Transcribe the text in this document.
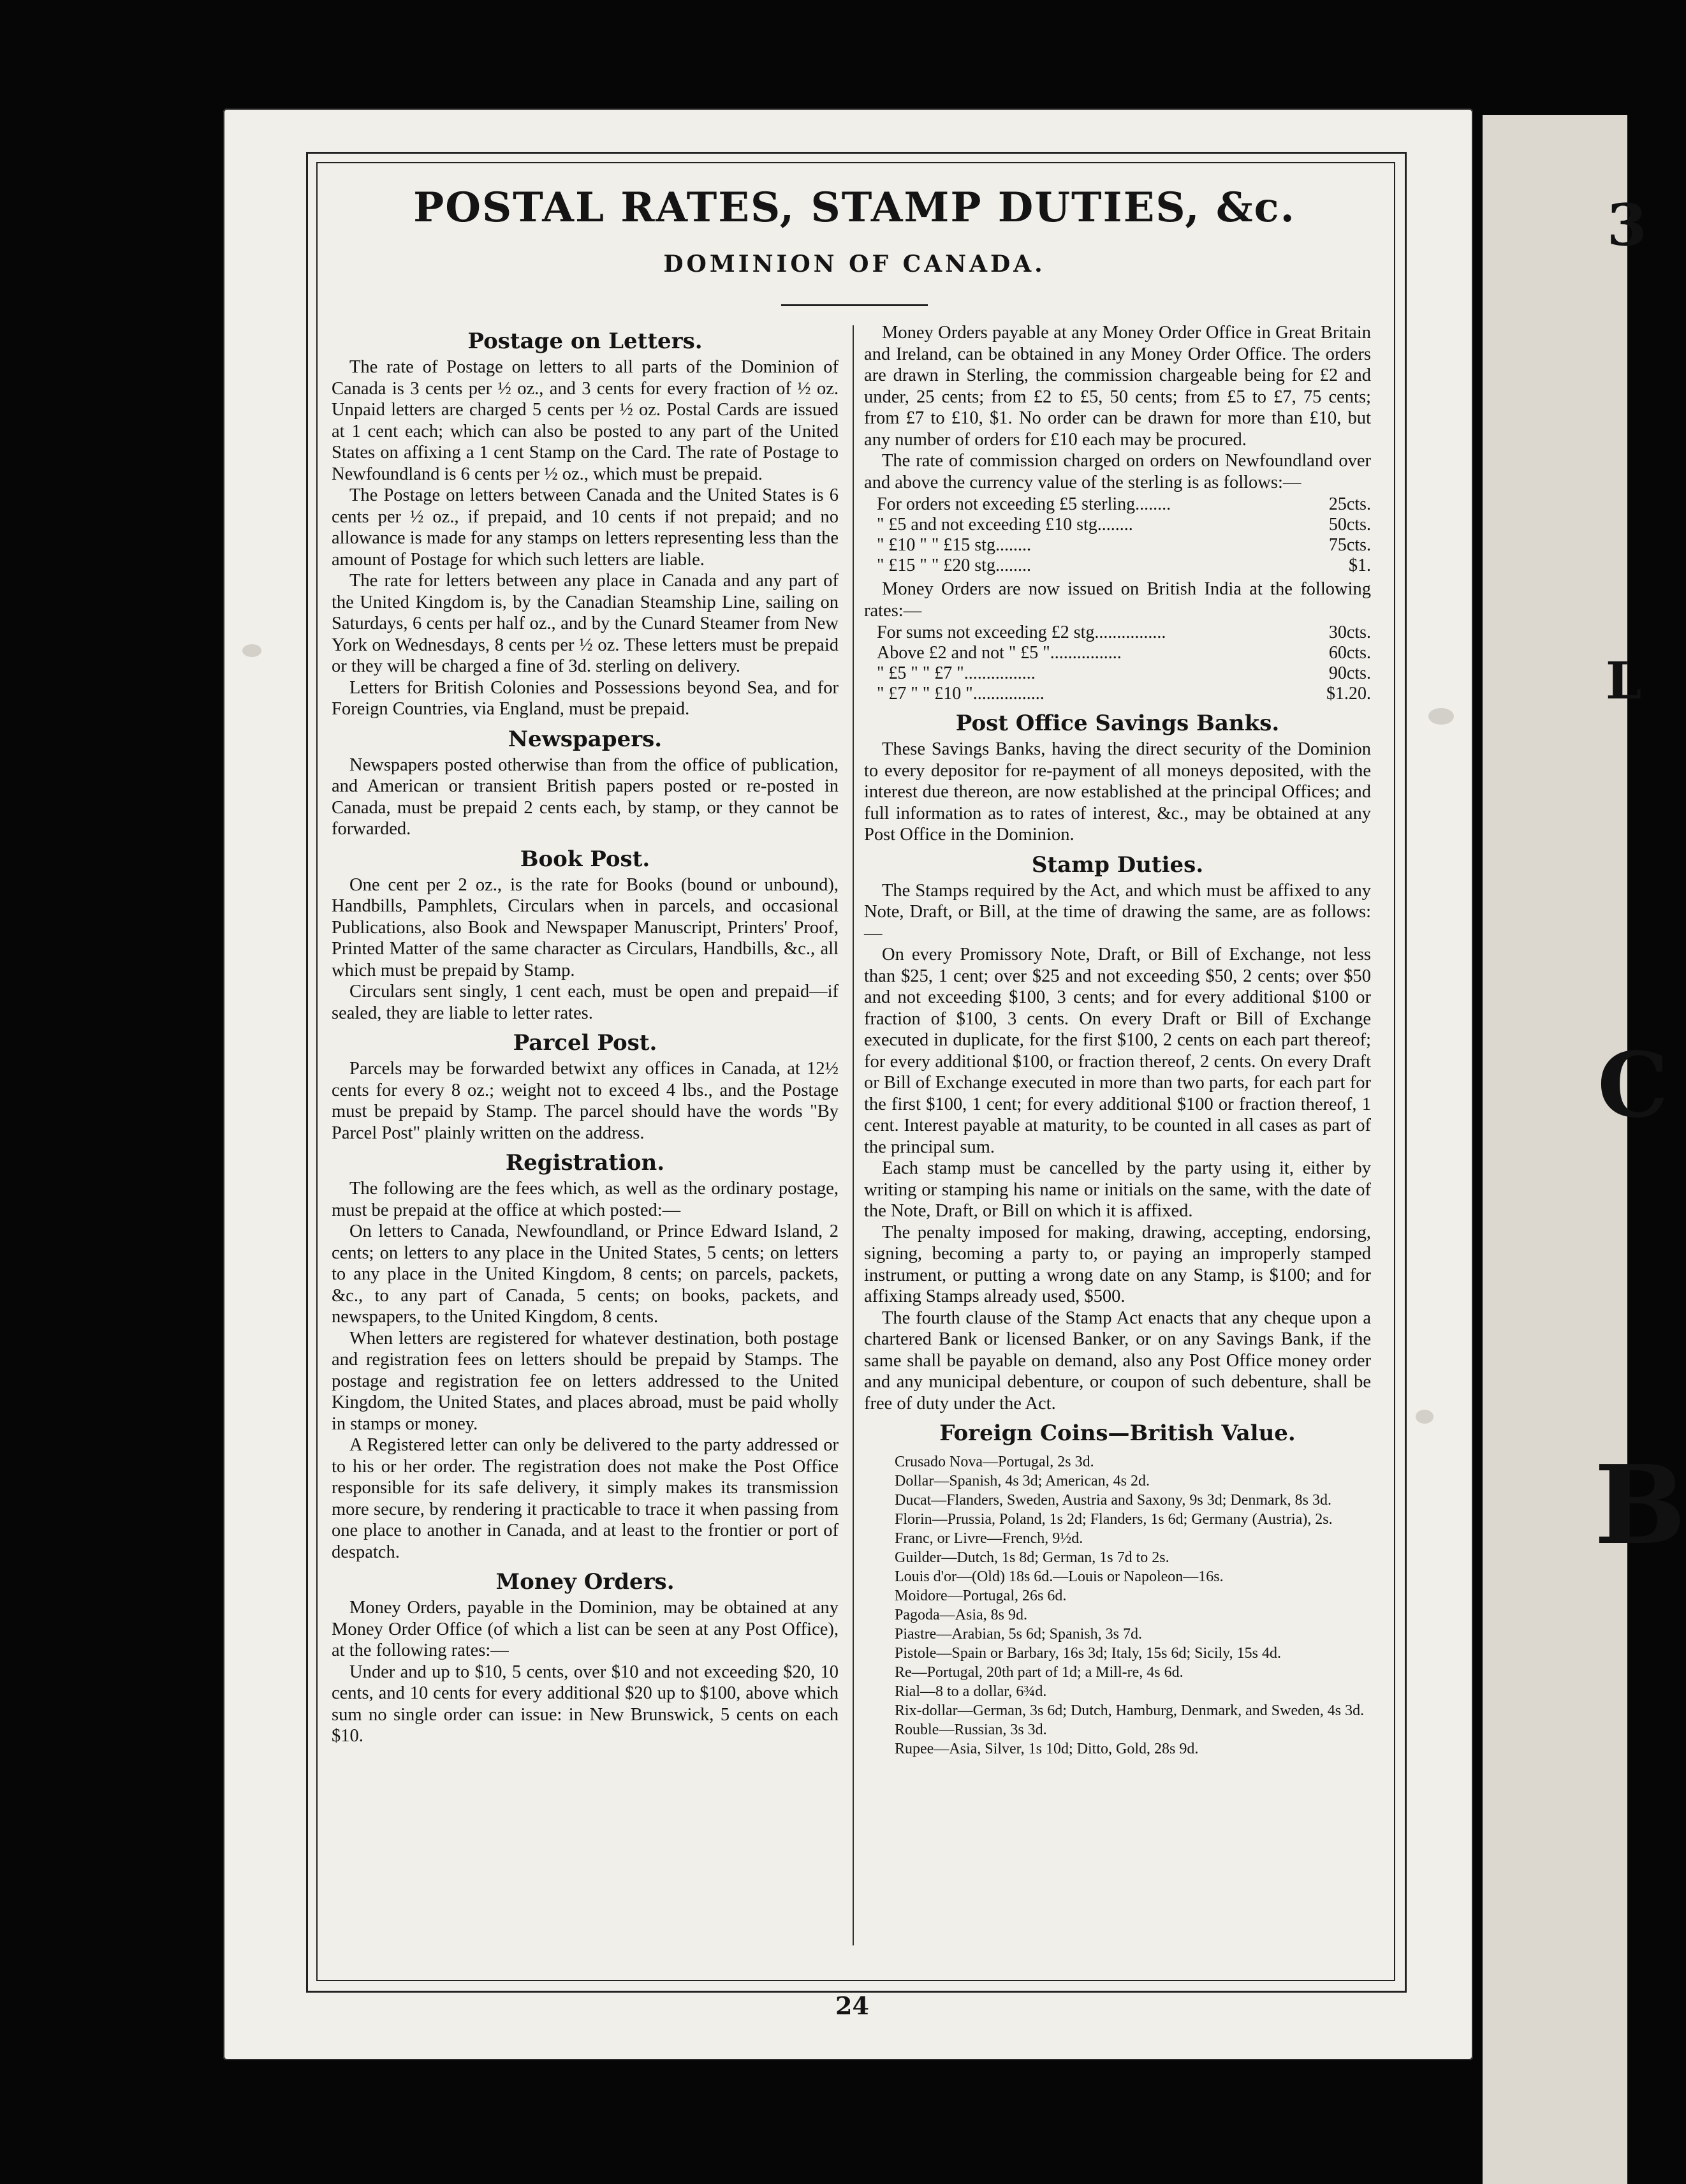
POSTAL RATES, STAMP DUTIES, &c.
DOMINION OF CANADA.
Postage on Letters.

The rate of Postage on letters to all parts of the Dominion of Canada is 3 cents per ½ oz., and 3 cents for every fraction of ½ oz. Unpaid letters are charged 5 cents per ½ oz. Postal Cards are issued at 1 cent each; which can also be posted to any part of the United States on affixing a 1 cent Stamp on the Card. The rate of Postage to Newfoundland is 6 cents per ½ oz., which must be prepaid.

The Postage on letters between Canada and the United States is 6 cents per ½ oz., if prepaid, and 10 cents if not prepaid; and no allowance is made for any stamps on letters representing less than the amount of Postage for which such letters are liable.

The rate for letters between any place in Canada and any part of the United Kingdom is, by the Canadian Steamship Line, sailing on Saturdays, 6 cents per half oz., and by the Cunard Steamer from New York on Wednesdays, 8 cents per ½ oz. These letters must be prepaid or they will be charged a fine of 3d. sterling on delivery.

Letters for British Colonies and Possessions beyond Sea, and for Foreign Countries, via England, must be prepaid.

Newspapers.

Newspapers posted otherwise than from the office of publication, and American or transient British papers posted or re-posted in Canada, must be prepaid 2 cents each, by stamp, or they cannot be forwarded.

Book Post.

One cent per 2 oz., is the rate for Books (bound or unbound), Handbills, Pamphlets, Circulars when in parcels, and occasional Publications, also Book and Newspaper Manuscript, Printers' Proof, Printed Matter of the same character as Circulars, Handbills, &c., all which must be prepaid by Stamp.

Circulars sent singly, 1 cent each, must be open and prepaid—if sealed, they are liable to letter rates.

Parcel Post.

Parcels may be forwarded betwixt any offices in Canada, at 12½ cents for every 8 oz.; weight not to exceed 4 lbs., and the Postage must be prepaid by Stamp. The parcel should have the words "By Parcel Post" plainly written on the address.

Registration.

The following are the fees which, as well as the ordinary postage, must be prepaid at the office at which posted:—

On letters to Canada, Newfoundland, or Prince Edward Island, 2 cents; on letters to any place in the United States, 5 cents; on letters to any place in the United Kingdom, 8 cents; on parcels, packets, &c., to any part of Canada, 5 cents; on books, packets, and newspapers, to the United Kingdom, 8 cents.

When letters are registered for whatever destination, both postage and registration fees on letters should be prepaid by Stamps. The postage and registration fee on letters addressed to the United Kingdom, the United States, and places abroad, must be paid wholly in stamps or money.

A Registered letter can only be delivered to the party addressed or to his or her order. The registration does not make the Post Office responsible for its safe delivery, it simply makes its transmission more secure, by rendering it practicable to trace it when passing from one place to another in Canada, and at least to the frontier or port of despatch.

Money Orders.

Money Orders, payable in the Dominion, may be obtained at any Money Order Office (of which a list can be seen at any Post Office), at the following rates:—

Under and up to $10, 5 cents, over $10 and not exceeding $20, 10 cents, and 10 cents for every additional $20 up to $100, above which sum no single order can issue: in New Brunswick, 5 cents on each $10.

Money Orders payable at any Money Order Office in Great Britain and Ireland, can be obtained in any Money Order Office. The orders are drawn in Sterling, the commission chargeable being for £2 and under, 25 cents; from £2 to £5, 50 cents; from £5 to £7, 75 cents; from £7 to £10, $1. No order can be drawn for more than £10, but any number of orders for £10 each may be procured.

The rate of commission charged on orders on Newfoundland over and above the currency value of the sterling is as follows:—

For orders not exceeding £5 sterling........	25cts.
" £5 and not exceeding £10 stg........	50cts.
" £10 " " £15 stg........	75cts.
" £15 " " £20 stg........	$1.

Money Orders are now issued on British India at the following rates:—

For sums not exceeding £2 stg................	30cts.
Above £2 and not " £5 "................	60cts.
" £5 " " £7 "................	90cts.
" £7 " " £10 "................	$1.20.
Post Office Savings Banks.

These Savings Banks, having the direct security of the Dominion to every depositor for re-payment of all moneys deposited, with the interest due thereon, are now established at the principal Offices; and full information as to rates of interest, &c., may be obtained at any Post Office in the Dominion.

Stamp Duties.

The Stamps required by the Act, and which must be affixed to any Note, Draft, or Bill, at the time of drawing the same, are as follows:—

On every Promissory Note, Draft, or Bill of Exchange, not less than $25, 1 cent; over $25 and not exceeding $50, 2 cents; over $50 and not exceeding $100, 3 cents; and for every additional $100 or fraction of $100, 3 cents. On every Draft or Bill of Exchange executed in duplicate, for the first $100, 2 cents on each part thereof; for every additional $100, or fraction thereof, 2 cents. On every Draft or Bill of Exchange executed in more than two parts, for each part for the first $100, 1 cent; for every additional $100 or fraction thereof, 1 cent. Interest payable at maturity, to be counted in all cases as part of the principal sum.

Each stamp must be cancelled by the party using it, either by writing or stamping his name or initials on the same, with the date of the Note, Draft, or Bill on which it is affixed.

The penalty imposed for making, drawing, accepting, endorsing, signing, becoming a party to, or paying an improperly stamped instrument, or putting a wrong date on any Stamp, is $100; and for affixing Stamps already used, $500.

The fourth clause of the Stamp Act enacts that any cheque upon a chartered Bank or licensed Banker, or on any Savings Bank, if the same shall be payable on demand, also any Post Office money order and any municipal debenture, or coupon of such debenture, shall be free of duty under the Act.

Foreign Coins—British Value.
Crusado Nova—Portugal, 2s 3d.
Dollar—Spanish, 4s 3d; American, 4s 2d.
Ducat—Flanders, Sweden, Austria and Saxony, 9s 3d; Denmark, 8s 3d.
Florin—Prussia, Poland, 1s 2d; Flanders, 1s 6d; Germany (Austria), 2s.
Franc, or Livre—French, 9½d.
Guilder—Dutch, 1s 8d; German, 1s 7d to 2s.
Louis d'or—(Old) 18s 6d.—Louis or Napoleon—16s.
Moidore—Portugal, 26s 6d.
Pagoda—Asia, 8s 9d.
Piastre—Arabian, 5s 6d; Spanish, 3s 7d.
Pistole—Spain or Barbary, 16s 3d; Italy, 15s 6d; Sicily, 15s 4d.
Re—Portugal, 20th part of 1d; a Mill-re, 4s 6d.
Rial—8 to a dollar, 6¾d.
Rix-dollar—German, 3s 6d; Dutch, Hamburg, Denmark, and Sweden, 4s 3d.
Rouble—Russian, 3s 3d.
Rupee—Asia, Silver, 1s 10d; Ditto, Gold, 28s 9d.
24
3
L
C
B
